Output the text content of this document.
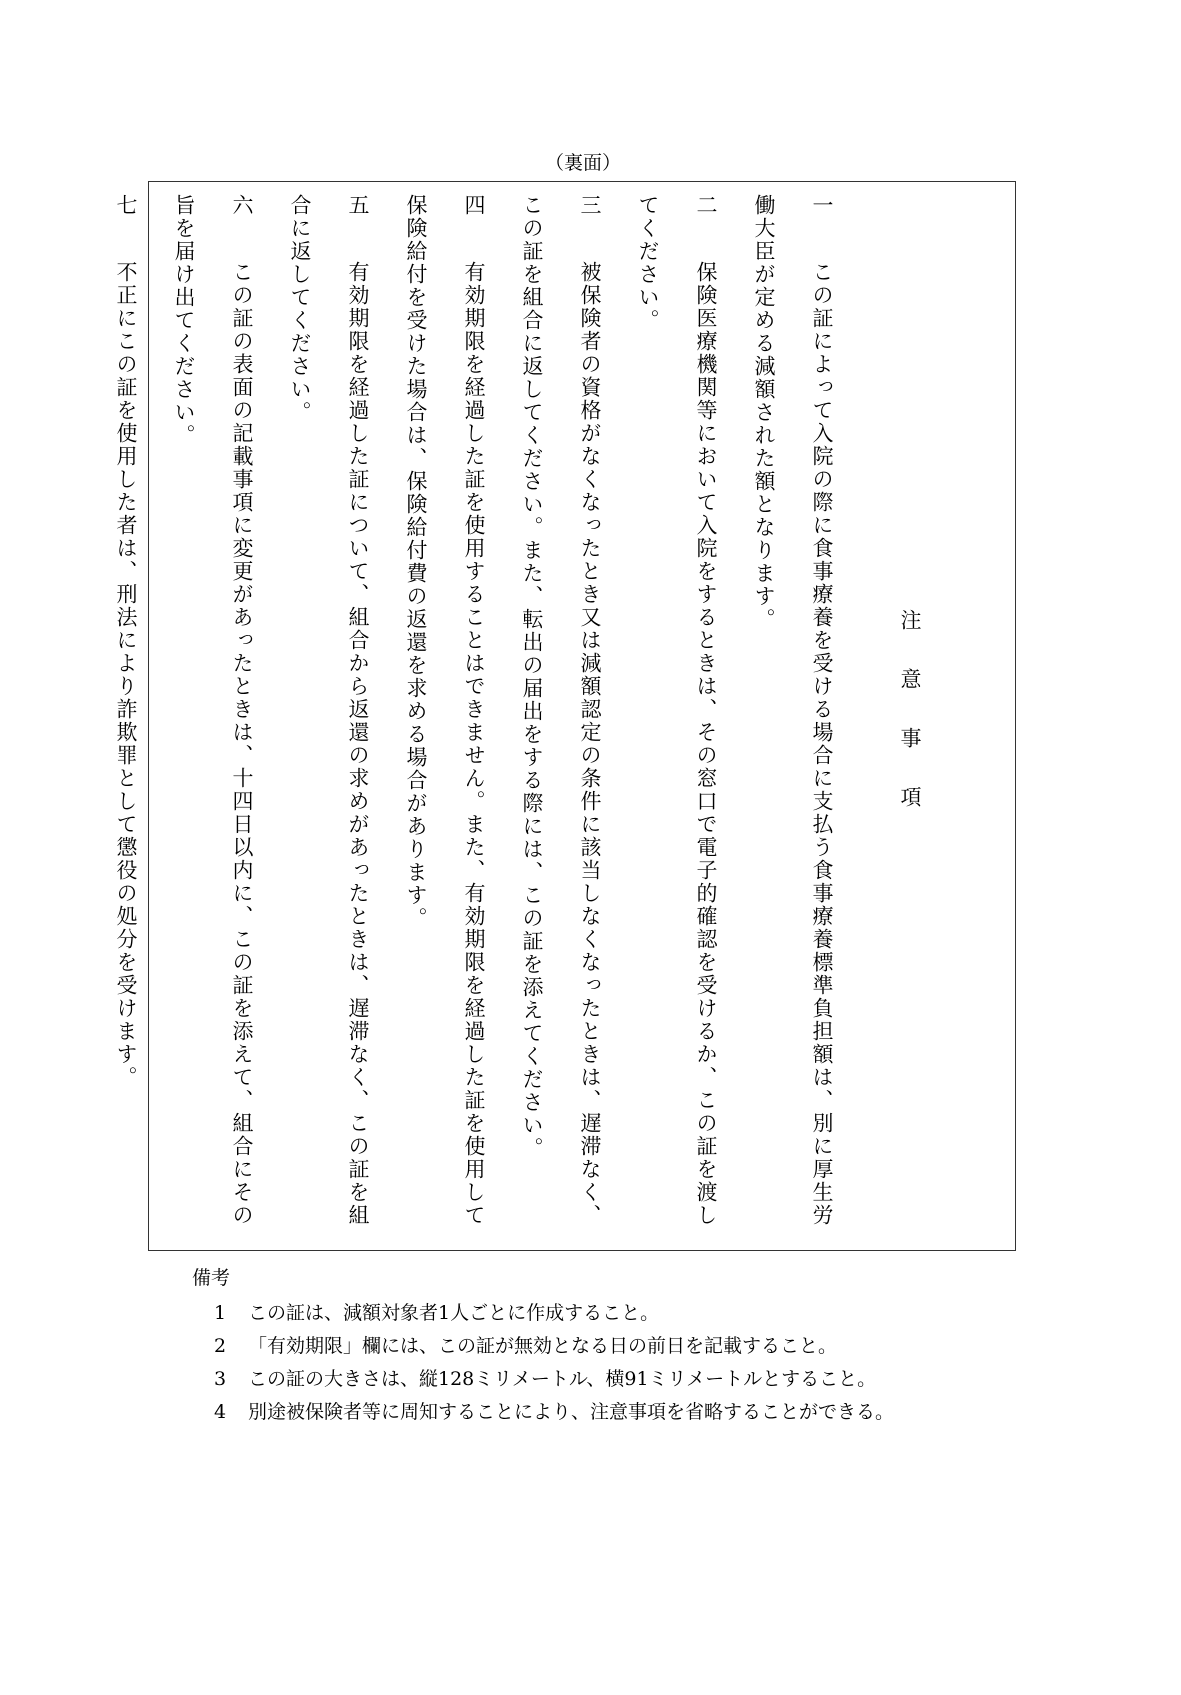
（裏面）
注意事項
一　この証によって入院の際に食事療養を受ける場合に支払う食事療養標準負担額は、別に厚生労働大臣が定める減額された額となります。
二　保険医療機関等において入院をするときは、その窓口で電子的確認を受けるか、この証を渡してください。
三　被保険者の資格がなくなったとき又は減額認定の条件に該当しなくなったときは、遅滞なく、この証を組合に返してください。また、転出の届出をする際には、この証を添えてください。
四　有効期限を経過した証を使用することはできません。また、有効期限を経過した証を使用して保険給付を受けた場合は、保険給付費の返還を求める場合があります。
五　有効期限を経過した証について、組合から返還の求めがあったときは、遅滞なく、この証を組合に返してください。
六　この証の表面の記載事項に変更があったときは、十四日以内に、この証を添えて、組合にその旨を届け出てください。
七　不正にこの証を使用した者は、刑法により詐欺罪として懲役の処分を受けます。
備考
1	この証は、減額対象者1人ごとに作成すること。
2	「有効期限」欄には、この証が無効となる日の前日を記載すること。
3	この証の大きさは、縦128ミリメートル、横91ミリメートルとすること。
4	別途被保険者等に周知することにより、注意事項を省略することができる。
